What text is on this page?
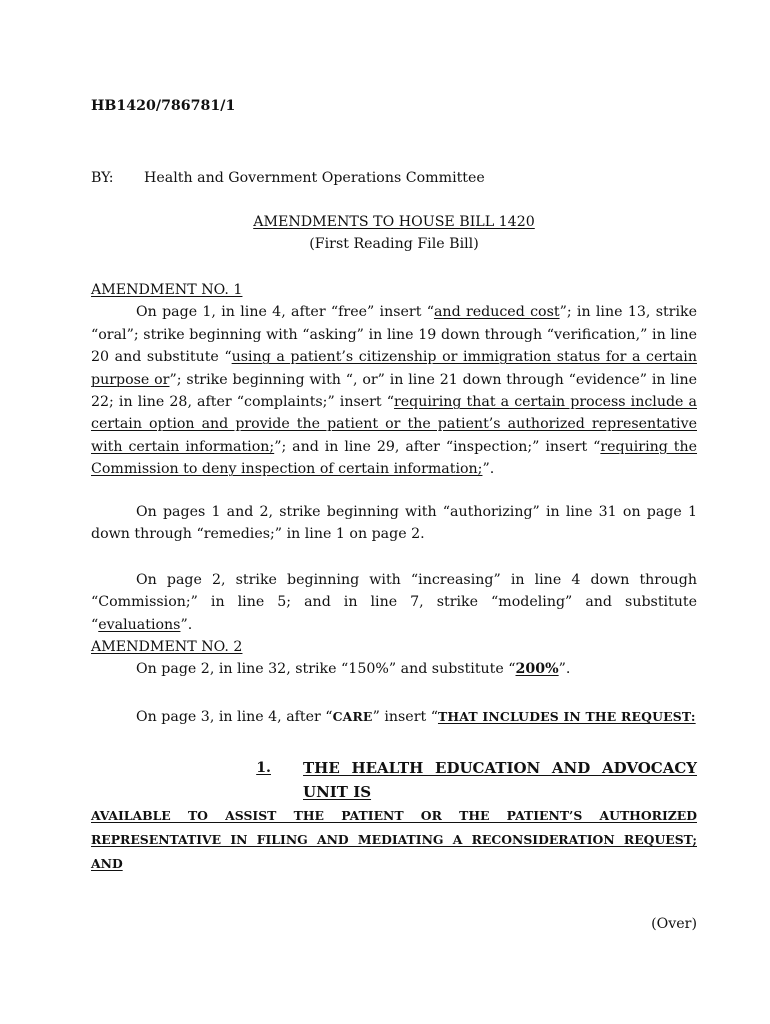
HB1420/786781/1
BY: Health and Government Operations Committee
AMENDMENTS TO HOUSE BILL 1420
(First Reading File Bill)
AMENDMENT NO. 1
On page 1, in line 4, after “free” insert “and reduced cost”; in line 13, strike “oral”; strike beginning with “asking” in line 19 down through “verification,” in line 20 and substitute “using a patient’s citizenship or immigration status for a certain purpose or”; strike beginning with “, or” in line 21 down through “evidence” in line 22; in line 28, after “complaints;” insert “requiring that a certain process include a certain option and provide the patient or the patient’s authorized representative with certain information;”; and in line 29, after “inspection;” insert “requiring the Commission to deny inspection of certain information;”.
On pages 1 and 2, strike beginning with “authorizing” in line 31 on page 1 down through “remedies;” in line 1 on page 2.
On page 2, strike beginning with “increasing” in line 4 down through “Commission;” in line 5; and in line 7, strike “modeling” and substitute “evaluations”.
AMENDMENT NO. 2
On page 2, in line 32, strike “150%” and substitute “200%”.
On page 3, in line 4, after “CARE” insert “THAT INCLUDES IN THE REQUEST:
1.	THE HEALTH EDUCATION AND ADVOCACY UNIT IS
AVAILABLE TO ASSIST THE PATIENT OR THE PATIENT’S AUTHORIZED
REPRESENTATIVE IN FILING AND MEDIATING A RECONSIDERATION REQUEST;
AND
(Over)
